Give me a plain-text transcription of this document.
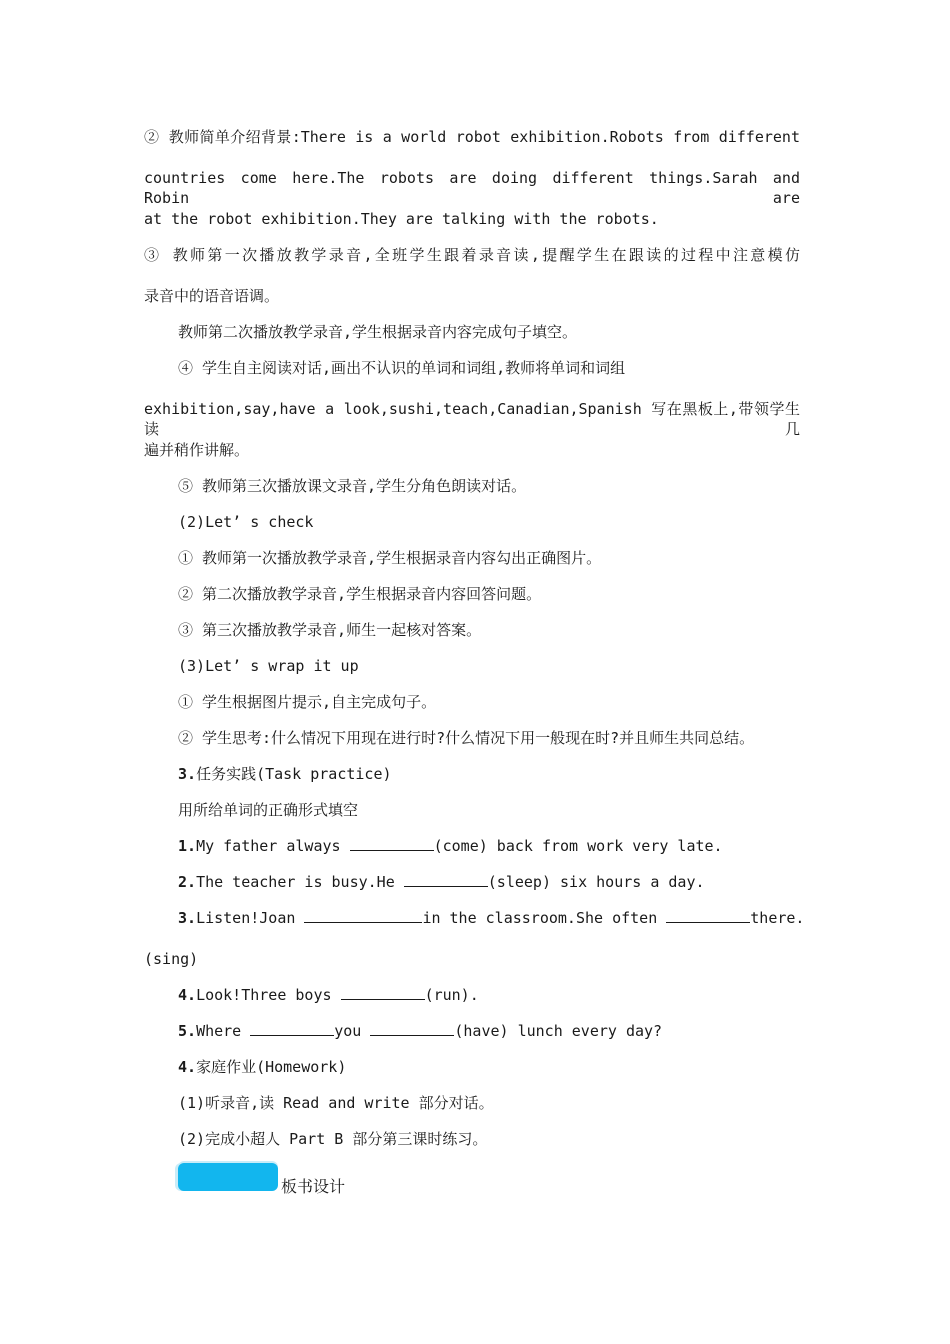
② 教师简单介绍背景:There is a world robot exhibition.Robots from different
countries come here.The robots are doing different things.Sarah and Robin are
at the robot exhibition.They are talking with the robots.
③ 教师第一次播放教学录音,全班学生跟着录音读,提醒学生在跟读的过程中注意模仿
录音中的语音语调。
教师第二次播放教学录音,学生根据录音内容完成句子填空。
④ 学生自主阅读对话,画出不认识的单词和词组,教师将单词和词组
exhibition,say,have a look,sushi,teach,Canadian,Spanish 写在黑板上,带领学生读几
遍并稍作讲解。
⑤ 教师第三次播放课文录音,学生分角色朗读对话。
(2)Let’ s check
① 教师第一次播放教学录音,学生根据录音内容勾出正确图片。
② 第二次播放教学录音,学生根据录音内容回答问题。
③ 第三次播放教学录音,师生一起核对答案。
(3)Let’ s wrap it up
① 学生根据图片提示,自主完成句子。
② 学生思考:什么情况下用现在进行时?什么情况下用一般现在时?并且师生共同总结。
3.任务实践(Task practice)
用所给单词的正确形式填空
1.My father always	(come) back from work very late.
2.The teacher is busy.He	(sleep) six hours a day.
3.Listen!Joan	in the classroom.She often	there.
(sing)
4.Look!Three boys	(run).
5.Where	you	(have) lunch every day?
4.家庭作业(Homework)
(1)听录音,读 Read and write 部分对话。
(2)完成小超人 Part B 部分第三课时练习。
板书设计
